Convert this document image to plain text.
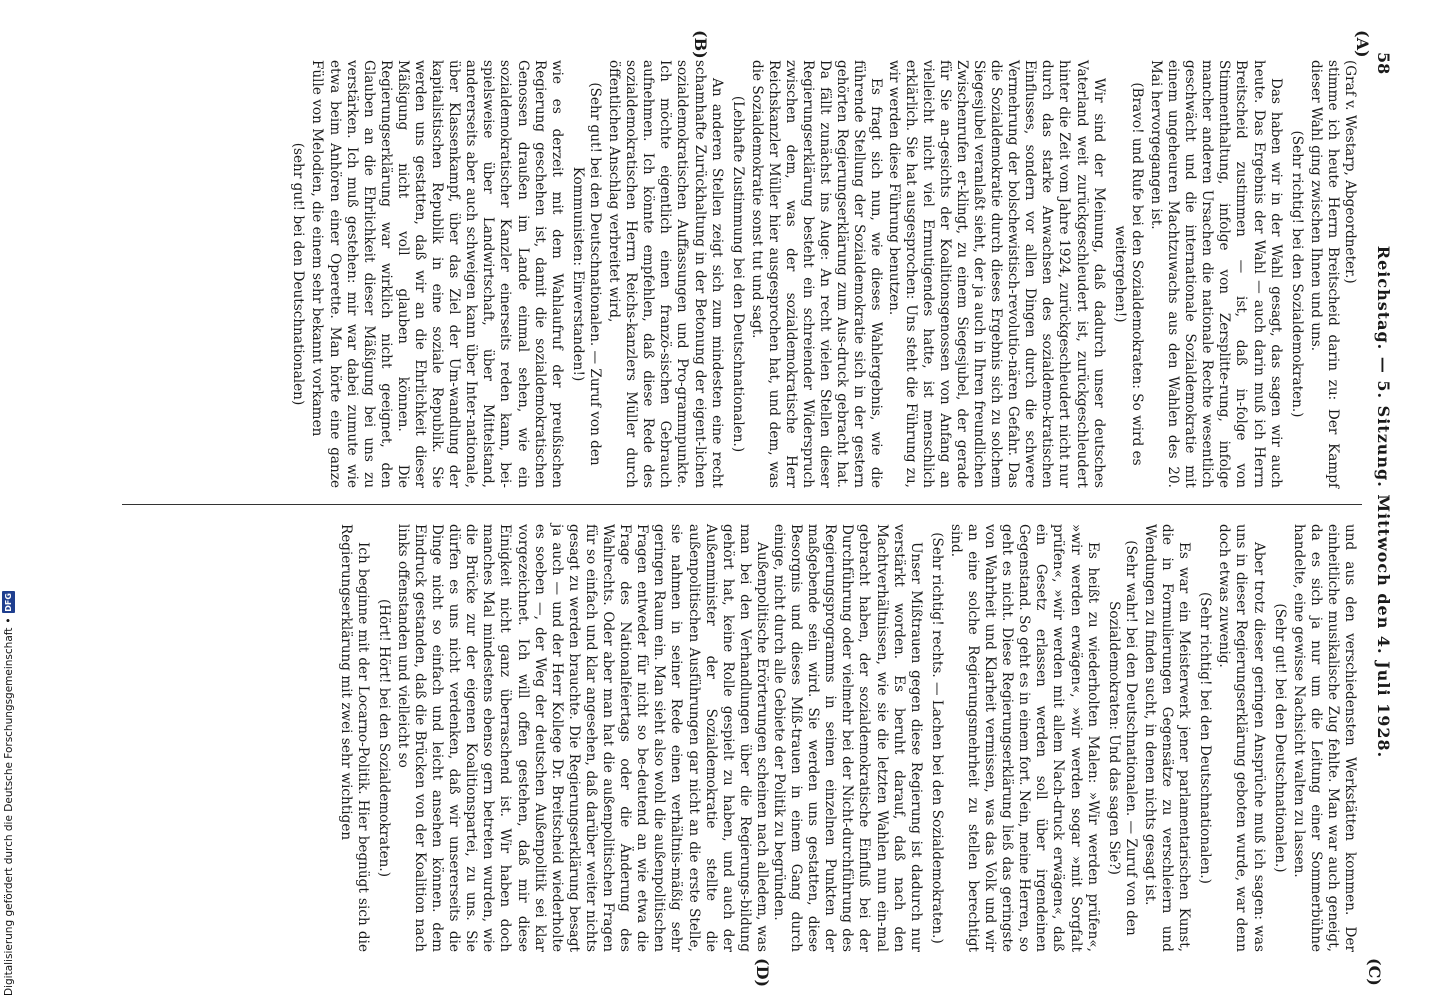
58
Reichstag. — 5. Sitzung. Mittwoch den 4. Juli 1928.
(A)
(B)
(C)
(D)

(Graf v. Westarp, Abgeordneter.)

stimme ich heute Herrn Breitscheid darin zu: Der Kampf dieser Wahl ging zwischen Ihnen und uns.

(Sehr richtig! bei den Sozialdemokraten.)

Das haben wir in der Wahl gesagt, das sagen wir auch heute. Das Ergebnis der Wahl — auch darin muß ich Herrn Breitscheid zustimmen — ist, daß in-folge von Stimmenthaltung, infolge von Zersplitte-rung, infolge mancher anderen Ursachen die nationale Rechte wesentlich geschwächt und die internationale Sozialdemokratie mit einem ungeheuren Machtzuwachs aus den Wahlen des 20. Mai hervorgegangen ist.

(Bravo! und Rufe bei den Sozialdemokraten: So wird es weitergehen!)

Wir sind der Meinung, daß dadurch unser deutsches Vaterland weit zurückgeschleudert ist, zurückgeschleudert hinter die Zeit vom Jahre 1924, zurückgeschleudert nicht nur durch das starke Anwachsen des sozialdemo-kratischen Einflusses, sondern vor allen Dingen durch die schwere Vermehrung der bolschewistisch-revolutio-nären Gefahr. Das die Sozialdemokratie durch dieses Ergebnis sich zu solchem Siegesjubel veranlaßt sieht, der ja auch in Ihren freundlichen Zwischenrufen er-klingt, zu einem Siegesjubel, der gerade für Sie an-gesichts der Koalitionsgenossen von Anfang an vielleicht nicht viel Ermutigendes hatte, ist menschlich erklärlich. Sie hat ausgesprochen: Uns steht die Führung zu, wir werden diese Führung benutzen.

Es fragt sich nun, wie dieses Wahlergebnis, wie die führende Stellung der Sozialdemokratie sich in der gestern gehörten Regierungserklärung zum Aus-druck gebracht hat. Da fällt zunächst ins Auge: An recht vielen Stellen dieser Regierungserklärung besteht ein schreiender Widerspruch zwischen dem, was der sozialdemokratische Herr Reichskanzler Müller hier ausgesprochen hat, und dem, was die Sozialdemokratie sonst tut und sagt.

(Lebhafte Zustimmung bei den Deutschnationalen.)

An anderen Stellen zeigt sich zum mindesten eine recht schamhafte Zurückhaltung in der Betonung der eigent-lichen sozialdemokratischen Auffassungen und Pro-grammpunkte. Ich möchte eigentlich einen franzö-sischen Gebrauch aufnehmen. Ich könnte empfehlen, daß diese Rede des sozialdemokratischen Herrn Reichs-kanzlers Müller durch öffentlichen Anschlag verbreitet wird,

(Sehr gut! bei den Deutschnationalen. — Zuruf von den Kommunisten: Einverstanden!)

wie es derzeit mit dem Wahlaufruf der preußischen Regierung geschehen ist, damit die sozialdemokratischen Genossen draußen im Lande einmal sehen, wie ein sozialdemokratischer Kanzler einerseits reden kann, bei-spielsweise über Landwirtschaft, über Mittelstand, andererseits aber auch schweigen kann über Inter-nationale, über Klassenkampf, über das Ziel der Um-wandlung der kapitalistischen Republik in eine soziale Republik. Sie werden uns gestatten, daß wir an die Ehrlichkeit dieser Mäßigung nicht voll glauben können. Die Regierungserklärung war wirklich nicht geeignet, den Glauben an die Ehrlichkeit dieser Mäßigung bei uns zu verstärken. Ich muß gestehen: mir war dabei zumute wie etwa beim Anhören einer Operette. Man hörte eine ganze Fülle von Melodien, die einem sehr bekannt vorkamen

(sehr gut! bei den Deutschnationalen)

und aus den verschiedensten Werkstätten kommen. Der einheitliche musikalische Zug fehlte. Man war auch geneigt, da es sich ja nur um die Leitung einer Sommerbühne handelte, eine gewisse Nachsicht walten zu lassen.

(Sehr gut! bei den Deutschnationalen.)

Aber trotz dieser geringen Ansprüche muß ich sagen: was uns in dieser Regierungserklärung geboten wurde, war denn doch etwas zuwenig.

(Sehr richtig! bei den Deutschnationalen.)

Es war ein Meisterwerk jener parlamentarischen Kunst, die in Formulierungen Gegensätze zu verschleiern und Wendungen zu finden sucht, in denen nichts gesagt ist.

(Sehr wahr! bei den Deutschnationalen. — Zuruf von den Sozialdemokraten: Und das sagen Sie?)

Es heißt zu wiederholten Malen: »Wir werden prüfen«, »wir werden erwägen«, »wir werden sogar »mit Sorgfalt prüfen«, »wir werden mit allem Nach-druck erwägen«, daß ein Gesetz erlassen werden soll über irgendeinen Gegenstand. So geht es in einem fort. Nein, meine Herren, so geht es nicht. Diese Regierungserklärung ließ das geringste von Wahrheit und Klarheit vermissen, was das Volk und wir an eine solche Regierungsmehrheit zu stellen berechtigt sind.

(Sehr richtig! rechts. — Lachen bei den Sozialdemokraten.)

Unser Mißtrauen gegen diese Regierung ist dadurch nur verstärkt worden. Es beruht darauf, daß nach den Machtverhältnissen, wie sie die letzten Wahlen nun ein-mal gebracht haben, der sozialdemokratische Einfluß bei der Durchführung oder vielmehr bei der Nicht-durchführung des Regierungsprogramms in seinen einzelnen Punkten der maßgebende sein wird. Sie werden uns gestatten, diese Besorgnis und dieses Miß-trauen in einem Gang durch einige, nicht durch alle Gebiete der Politik zu begründen.

Außenpolitische Erörterungen scheinen nach alledem, was man bei den Verhandlungen über die Regierungs-bildung gehört hat, keine Rolle gespielt zu haben, und auch der Außenminister der Sozialdemokratie stellte die außenpolitischen Ausführungen gar nicht an die erste Stelle, sie nahmen in seiner Rede einen verhältnis-mäßig sehr geringen Raum ein. Man sieht also wohl die außenpolitischen Fragen entweder für nicht so be-deutend an wie etwa die Frage des Nationalfeiertags oder die Änderung des Wahlrechts. Oder aber man hat die außenpolitischen Fragen für so einfach und klar angesehen, daß darüber weiter nichts gesagt zu werden brauchte. Die Regierungserklärung besagt ja auch — und der Herr Kollege Dr. Breitscheid wiederholte es soeben —, der Weg der deutschen Außenpolitik sei klar vorgezeichnet. Ich will offen gestehen, daß mir diese Einigkeit nicht ganz überraschend ist. Wir haben doch manches Mal mindestens ebenso gern betreten wurden, wie die Brücke zur der eigenen Koalitionspartei, zu uns. Sie dürfen es uns nicht verdenken, daß wir unsererseits die Dinge nicht so einfach und leicht ansehen können. dem Eindruck gestanden, daß die Brücken von der Koalition nach links offenstanden und vielleicht so

(Hört! Hört! bei den Sozialdemokraten.)

Ich beginne mit der Locarno-Politik. Hier begnügt sich die Regierungserklärung mit zwei sehr wichtigen

Digitalisierung gefördert durch die Deutsche Forschungsgemeinschaft
•
DFG
